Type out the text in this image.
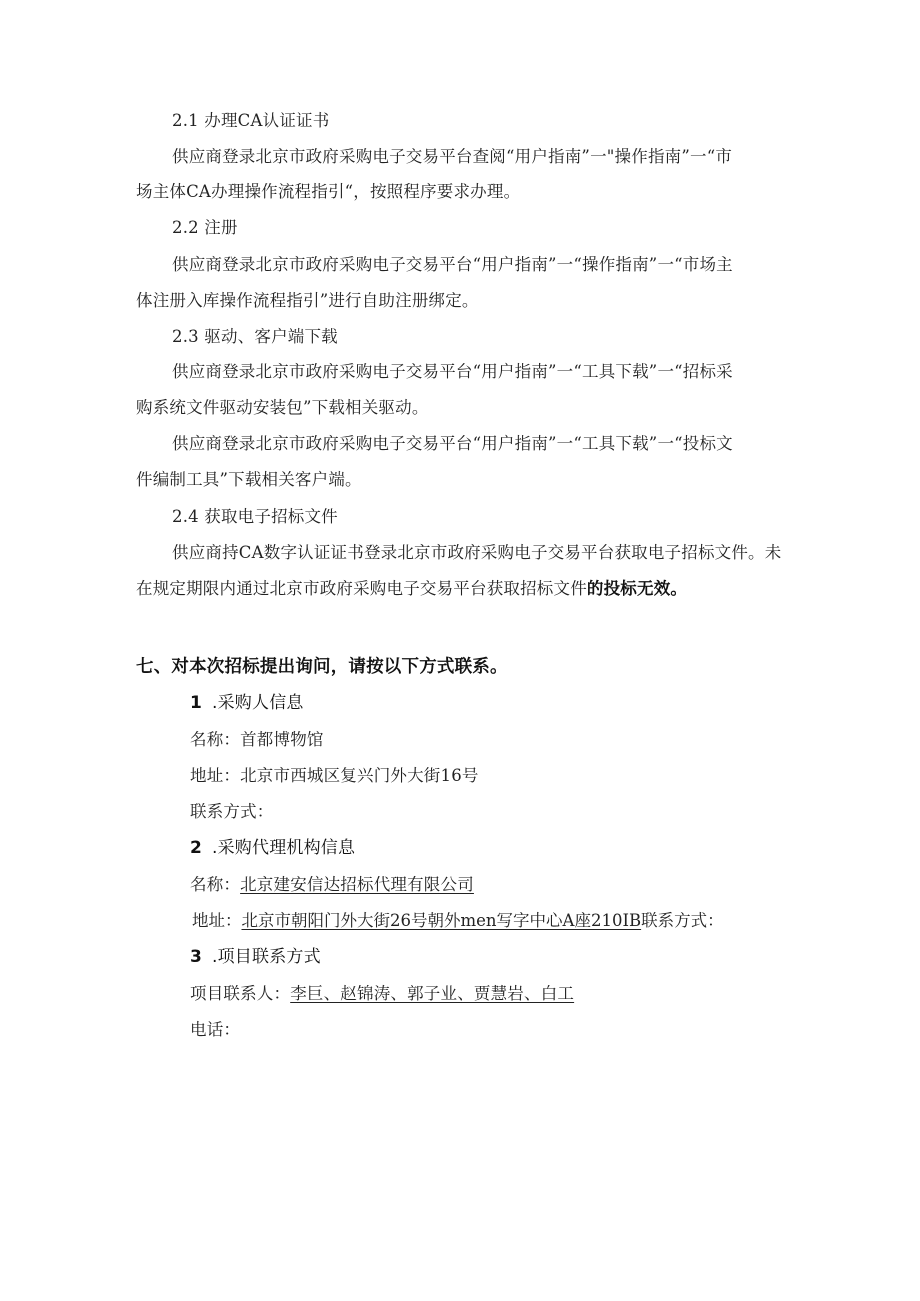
2.1 办理CA认证证书
供应商登录北京市政府采购电子交易平台查阅“用户指南”一"操作指南”一“市
场主体CA办理操作流程指引“，按照程序要求办理。
2.2 注册
供应商登录北京市政府采购电子交易平台“用户指南”一“操作指南”一“市场主
体注册入库操作流程指引”进行自助注册绑定。
2.3 驱动、客户端下载
供应商登录北京市政府采购电子交易平台“用户指南”一“工具下载”一“招标采
购系统文件驱动安装包”下载相关驱动。
供应商登录北京市政府采购电子交易平台“用户指南”一“工具下载”一“投标文
件编制工具”下载相关客户端。
2.4 获取电子招标文件
供应商持CA数字认证证书登录北京市政府采购电子交易平台获取电子招标文件。未
在规定期限内通过北京市政府采购电子交易平台获取招标文件的投标无效。
七、对本次招标提出询问，请按以下方式联系。
1 .采购人信息
名称：首都博物馆
地址：北京市西城区复兴门外大街16号
联系方式：
2 .采购代理机构信息
名称：北京建安信达招标代理有限公司
地址：北京市朝阳门外大街26号朝外men写字中心A座210IB联系方式：
3 .项目联系方式
项目联系人：李巨、赵锦涛、郭子业、贾慧岩、白工
电话：
